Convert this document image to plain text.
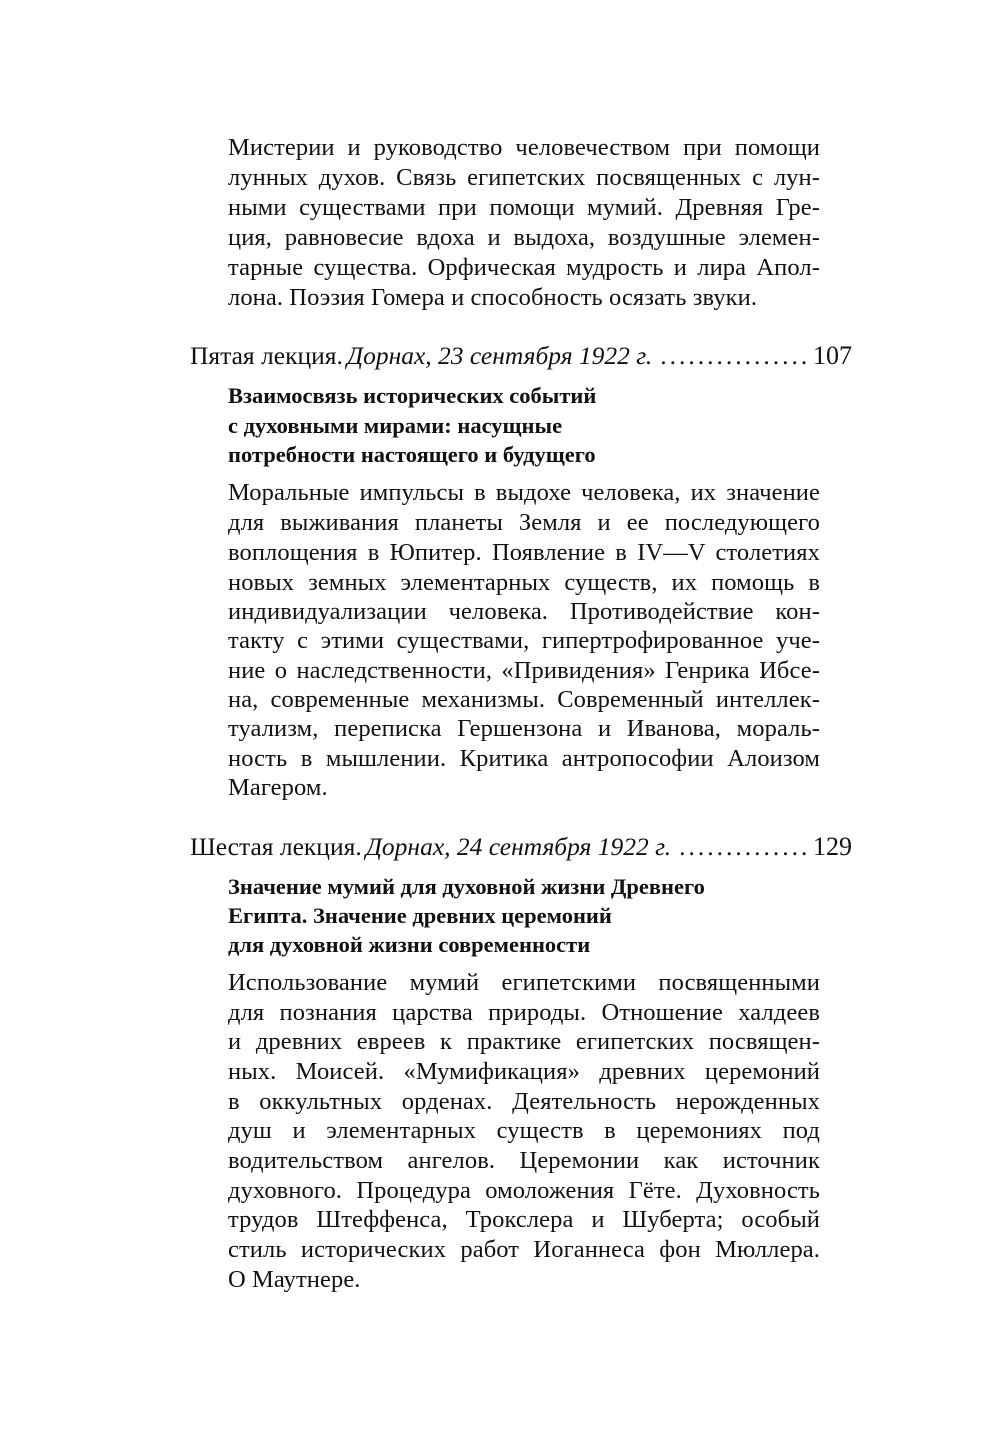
Мистерии и руководство человечеством при помощи
лунных духов. Связь египетских посвященных с лун-
ными существами при помощи мумий. Древняя Гре-
ция, равновесие вдоха и выдоха, воздушные элемен-
тарные существа. Орфическая мудрость и лира Апол-
лона. Поэзия Гомера и способность осязать звуки.
Пятая лекция. Дорнах, 23 сентября 1922 г. .....	107
Взаимосвязь исторических событий
с духовными мирами: насущные
потребности настоящего и будущего
Моральные импульсы в выдохе человека, их значение
для выживания планеты Земля и ее последующего
воплощения в Юпитер. Появление в IV—V столетиях
новых земных элементарных существ, их помощь в
индивидуализации человека. Противодействие кон-
такту с этими существами, гипертрофированное уче-
ние о наследственности, «Привидения» Генрика Ибсе-
на, современные механизмы. Современный интеллек-
туализм, переписка Гершензона и Иванова, мораль-
ность в мышлении. Критика антропософии Алоизом
Магером.
Шестая лекция. Дорнах, 24 сентября 1922 г. .....	129
Значение мумий для духовной жизни Древнего
Египта. Значение древних церемоний
для духовной жизни современности
Использование мумий египетскими посвященными
для познания царства природы. Отношение халдеев
и древних евреев к практике египетских посвящен-
ных. Моисей. «Мумификация» древних церемоний
в оккультных орденах. Деятельность нерожденных
душ и элементарных существ в церемониях под
водительством ангелов. Церемонии как источник
духовного. Процедура омоложения Гёте. Духовность
трудов Штеффенса, Трокслера и Шуберта; особый
стиль исторических работ Иоганнеса фон Мюллера.
О Маутнере.
